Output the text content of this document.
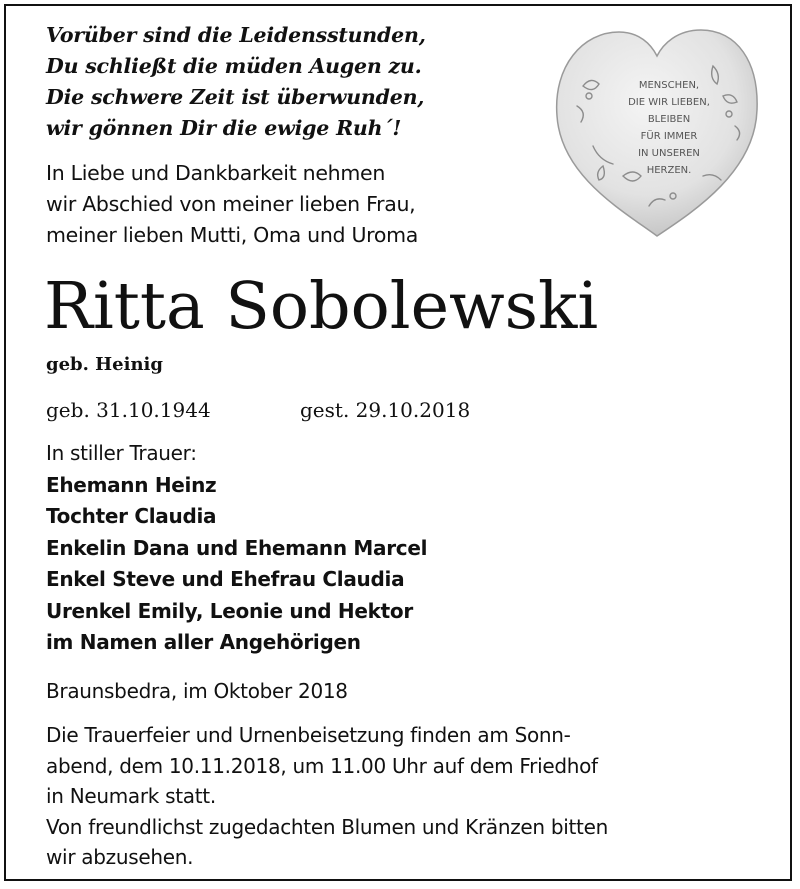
Vorüber sind die Leidensstunden,
Du schließt die müden Augen zu.
Die schwere Zeit ist überwunden,
wir gönnen Dir die ewige Ruh´!
In Liebe und Dankbarkeit nehmen
wir Abschied von meiner lieben Frau,
meiner lieben Mutti, Oma und Uroma
MENSCHEN,
DIE WIR LIEBEN,
BLEIBEN
FÜR IMMER
IN UNSEREN
HERZEN.
Ritta Sobolewski
geb. Heinig
geb. 31.10.1944	gest. 29.10.2018
In stiller Trauer:
Ehemann Heinz
Tochter Claudia
Enkelin Dana und Ehemann Marcel
Enkel Steve und Ehefrau Claudia
Urenkel Emily, Leonie und Hektor
im Namen aller Angehörigen
Braunsbedra, im Oktober 2018
Die Trauerfeier und Urnenbeisetzung finden am Sonn-
abend, dem 10.11.2018, um 11.00 Uhr auf dem Friedhof
in Neumark statt.
Von freundlichst zugedachten Blumen und Kränzen bitten
wir abzusehen.
